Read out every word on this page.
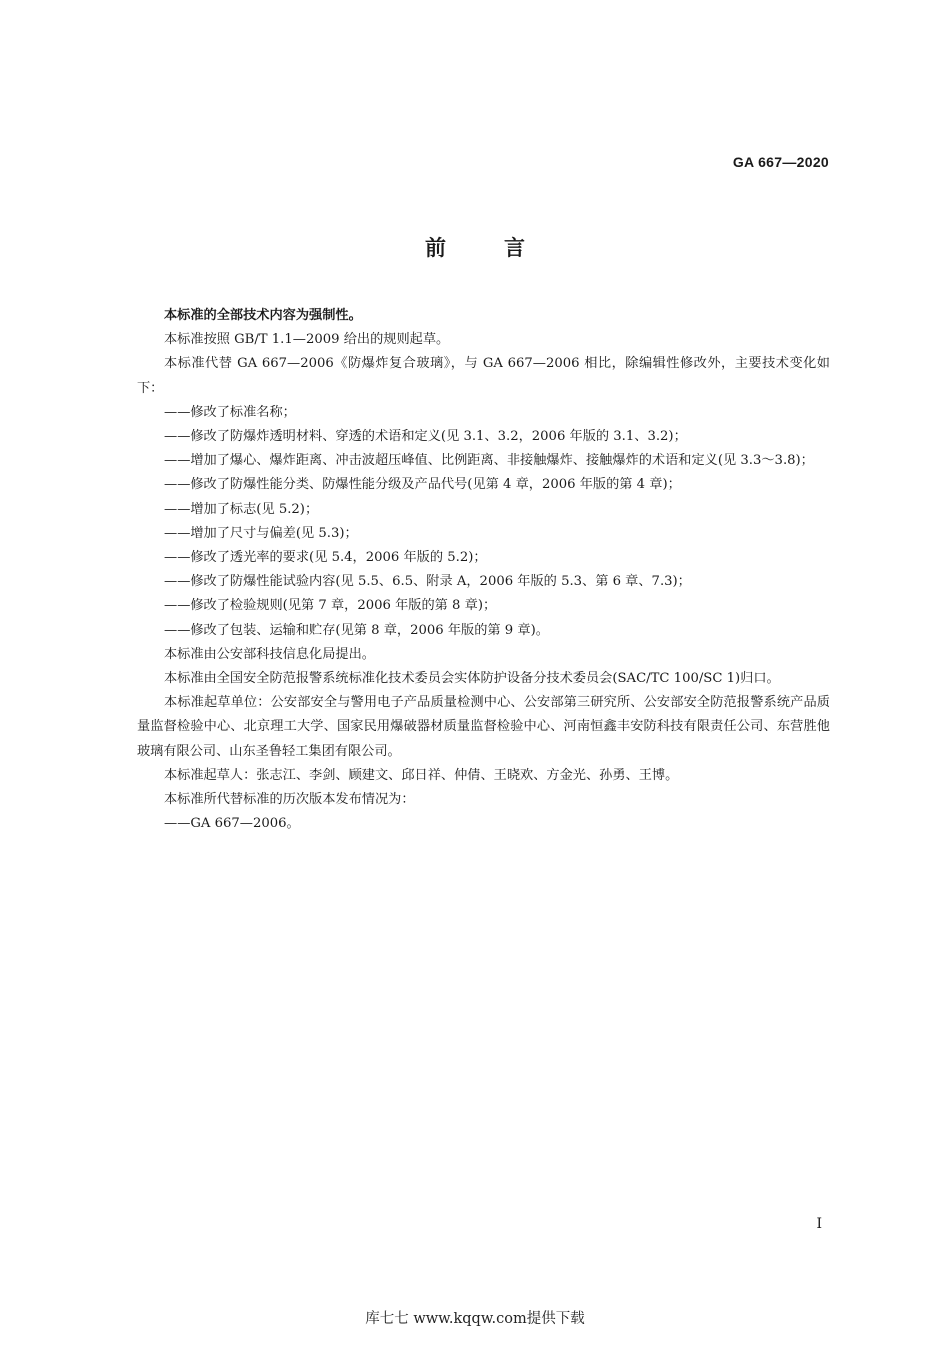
GA 667—2020
前言

本标准的全部技术内容为强制性。

本标准按照 GB/T 1.1—2009 给出的规则起草。

本标准代替 GA 667—2006《防爆炸复合玻璃》，与 GA 667—2006 相比，除编辑性修改外，主要技术变化如下：

——修改了标准名称；

——修改了防爆炸透明材料、穿透的术语和定义(见 3.1、3.2，2006 年版的 3.1、3.2)；

——增加了爆心、爆炸距离、冲击波超压峰值、比例距离、非接触爆炸、接触爆炸的术语和定义(见 3.3～3.8)；

——修改了防爆性能分类、防爆性能分级及产品代号(见第 4 章，2006 年版的第 4 章)；

——增加了标志(见 5.2)；

——增加了尺寸与偏差(见 5.3)；

——修改了透光率的要求(见 5.4，2006 年版的 5.2)；

——修改了防爆性能试验内容(见 5.5、6.5、附录 A，2006 年版的 5.3、第 6 章、7.3)；

——修改了检验规则(见第 7 章，2006 年版的第 8 章)；

——修改了包装、运输和贮存(见第 8 章，2006 年版的第 9 章)。

本标准由公安部科技信息化局提出。

本标准由全国安全防范报警系统标准化技术委员会实体防护设备分技术委员会(SAC/TC 100/SC 1)归口。

本标准起草单位：公安部安全与警用电子产品质量检测中心、公安部第三研究所、公安部安全防范报警系统产品质量监督检验中心、北京理工大学、国家民用爆破器材质量监督检验中心、河南恒鑫丰安防科技有限责任公司、东营胜他玻璃有限公司、山东圣鲁轻工集团有限公司。

本标准起草人：张志江、李剑、顾建文、邱日祥、仲倩、王晓欢、方金光、孙勇、王博。

本标准所代替标准的历次版本发布情况为：

——GA 667—2006。

I
库七七 www.kqqw.com提供下载
